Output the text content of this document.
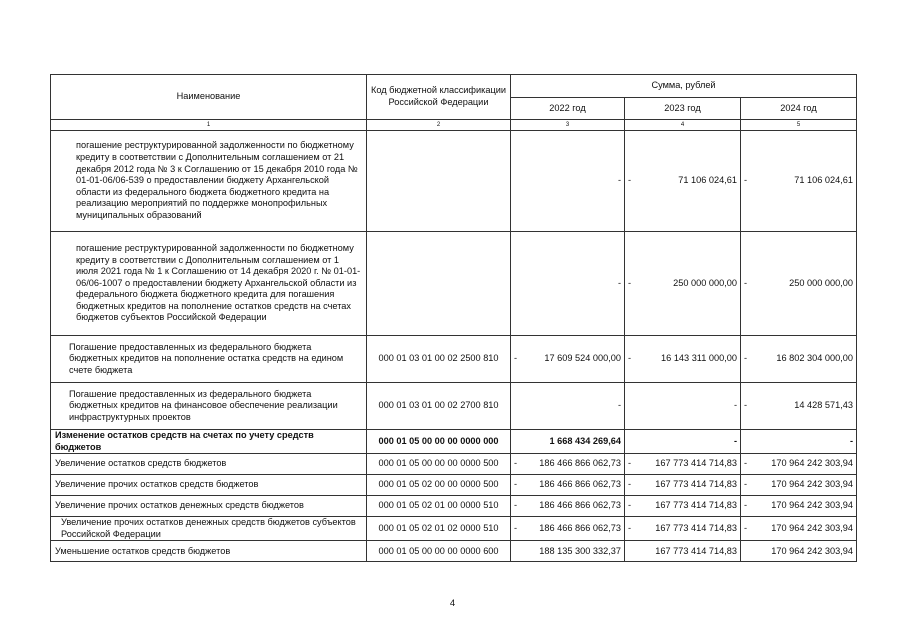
Наименование	Код бюджетной классификации Российской Федерации	Сумма, рублей		
		2022 год	2023 год	2024 год
1	2	3	4	5
погашение реструктурированной задолженности по бюджетному кредиту в соответствии с Дополнительным соглашением от 21 декабря 2012 года № 3 к Соглашению от 15 декабря 2010 года № 01-01-06/06-539 о предоставлении бюджету Архангельской области из федерального бюджета бюджетного кредита на реализацию мероприятий по поддержке монопрофильных муниципальных образований		-	- 71 106 024,61	- 71 106 024,61

погашение реструктурированной задолженности по бюджетному кредиту в соответствии с Дополнительным соглашением от 1 июля 2021 года № 1 к Соглашению от 14 декабря 2020 г. № 01-01-06/06-1007 о предоставлении бюджету Архангельской области из федерального бюджета бюджетного кредита для погашения бюджетных кредитов на пополнение остатков средств на счетах бюджетов субъектов Российской Федерации		-	- 250 000 000,00	- 250 000 000,00

Погашение предоставленных из федерального бюджета бюджетных кредитов на пополнение остатка средств на едином счете бюджета	000 01 03 01 00 02 2500 810	- 17 609 524 000,00	- 16 143 311 000,00	- 16 802 304 000,00

Погашение предоставленных из федерального бюджета бюджетных кредитов на финансовое обеспечение реализации инфраструктурных проектов	000 01 03 01 00 02 2700 810	-	-	- 14 428 571,43

Изменение остатков средств на счетах по учету средств бюджетов	000 01 05 00 00 00 0000 000	1 668 434 269,64	-	-

Увеличение остатков средств бюджетов	000 01 05 00 00 00 0000 500	- 186 466 866 062,73	- 167 773 414 714,83	- 170 964 242 303,94

Увеличение прочих остатков средств бюджетов	000 01 05 02 00 00 0000 500	- 186 466 866 062,73	- 167 773 414 714,83	- 170 964 242 303,94

Увеличение прочих остатков денежных средств бюджетов	000 01 05 02 01 00 0000 510	- 186 466 866 062,73	- 167 773 414 714,83	- 170 964 242 303,94

Увеличение прочих остатков денежных средств бюджетов субъектов Российской Федерации	000 01 05 02 01 02 0000 510	- 186 466 866 062,73	- 167 773 414 714,83	- 170 964 242 303,94

Уменьшение остатков средств бюджетов	000 01 05 00 00 00 0000 600	188 135 300 332,37	167 773 414 714,83	170 964 242 303,94
4
